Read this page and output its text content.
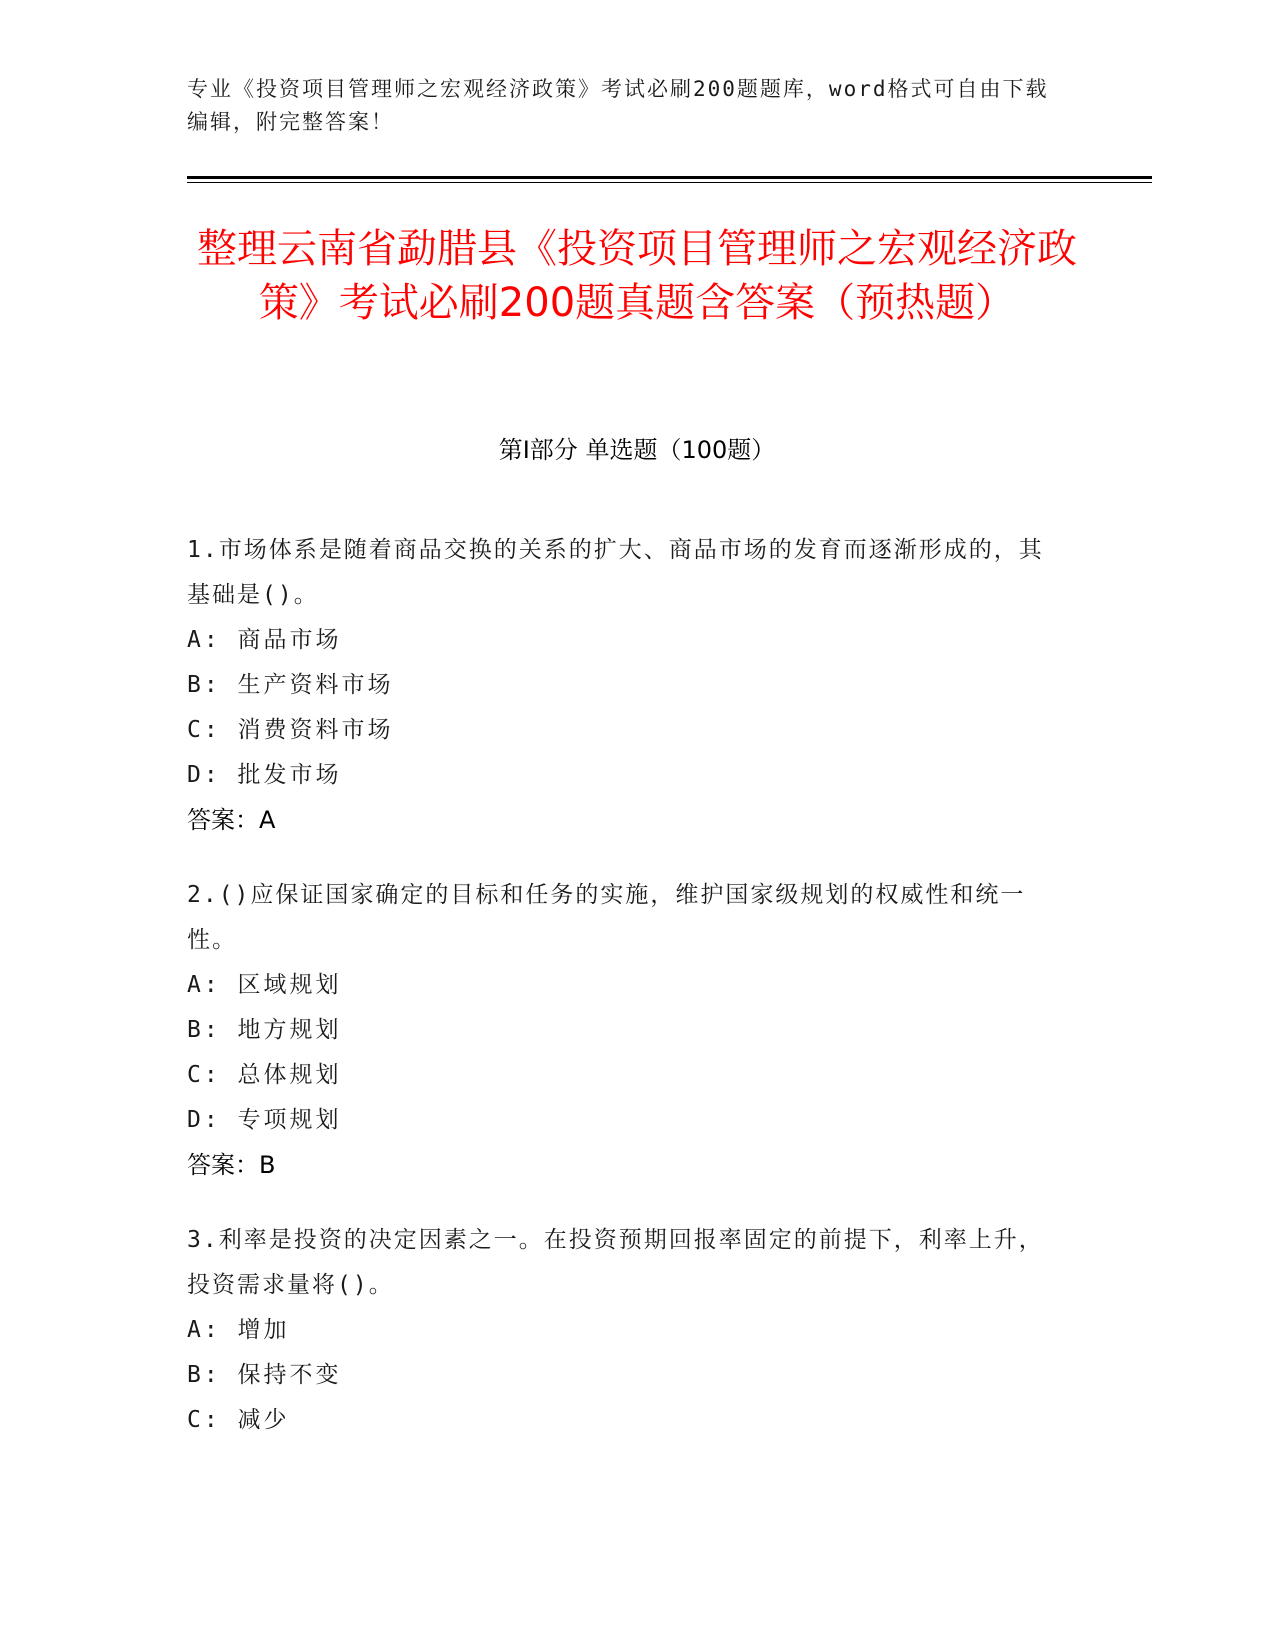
专业《投资项目管理师之宏观经济政策》考试必刷200题题库，word格式可自由下载编辑，附完整答案！
整理云南省勐腊县《投资项目管理师之宏观经济政策》考试必刷200题真题含答案（预热题）
第Ⅰ部分 单选题（100题）
1.市场体系是随着商品交换的关系的扩大、商品市场的发育而逐渐形成的，其基础是()。
A: 商品市场
B: 生产资料市场
C: 消费资料市场
D: 批发市场
答案：A
2.()应保证国家确定的目标和任务的实施，维护国家级规划的权威性和统一性。
A: 区域规划
B: 地方规划
C: 总体规划
D: 专项规划
答案：B
3.利率是投资的决定因素之一。在投资预期回报率固定的前提下，利率上升，投资需求量将()。
A: 增加
B: 保持不变
C: 减少
